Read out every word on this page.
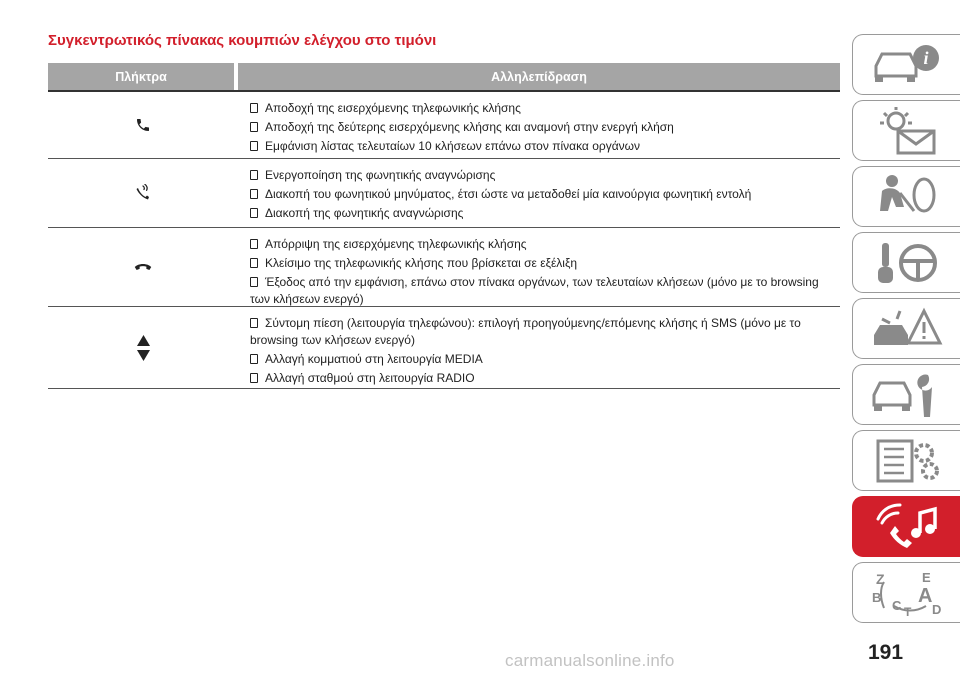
Συγκεντρωτικός πίνακας κουμπιών ελέγχου στο τιμόνι
Πλήκτρα	Αλληλεπίδραση
Αποδοχή της εισερχόμενης τηλεφωνικής κλήσης
Αποδοχή της δεύτερης εισερχόμενης κλήσης και αναμονή στην ενεργή κλήση
Εμφάνιση λίστας τελευταίων 10 κλήσεων επάνω στον πίνακα οργάνων
Ενεργοποίηση της φωνητικής αναγνώρισης
Διακοπή του φωνητικού μηνύματος, έτσι ώστε να μεταδοθεί μία καινούργια φωνητική εντολή
Διακοπή της φωνητικής αναγνώρισης
Απόρριψη της εισερχόμενης τηλεφωνικής κλήσης
Κλείσιμο της τηλεφωνικής κλήσης που βρίσκεται σε εξέλιξη
Έξοδος από την εμφάνιση, επάνω στον πίνακα οργάνων, των τελευταίων κλήσεων (μόνο με το browsing των κλήσεων ενεργό)
Σύντομη πίεση (λειτουργία τηλεφώνου): επιλογή προηγούμενης/επόμενης κλήσης ή SMS (μόνο με το browsing των κλήσεων ενεργό)
Αλλαγή κομματιού στη λειτουργία MEDIA
Αλλαγή σταθμού στη λειτουργία RADIO
i
Z	E
B A
C T D
191
carmanualsonline.info
